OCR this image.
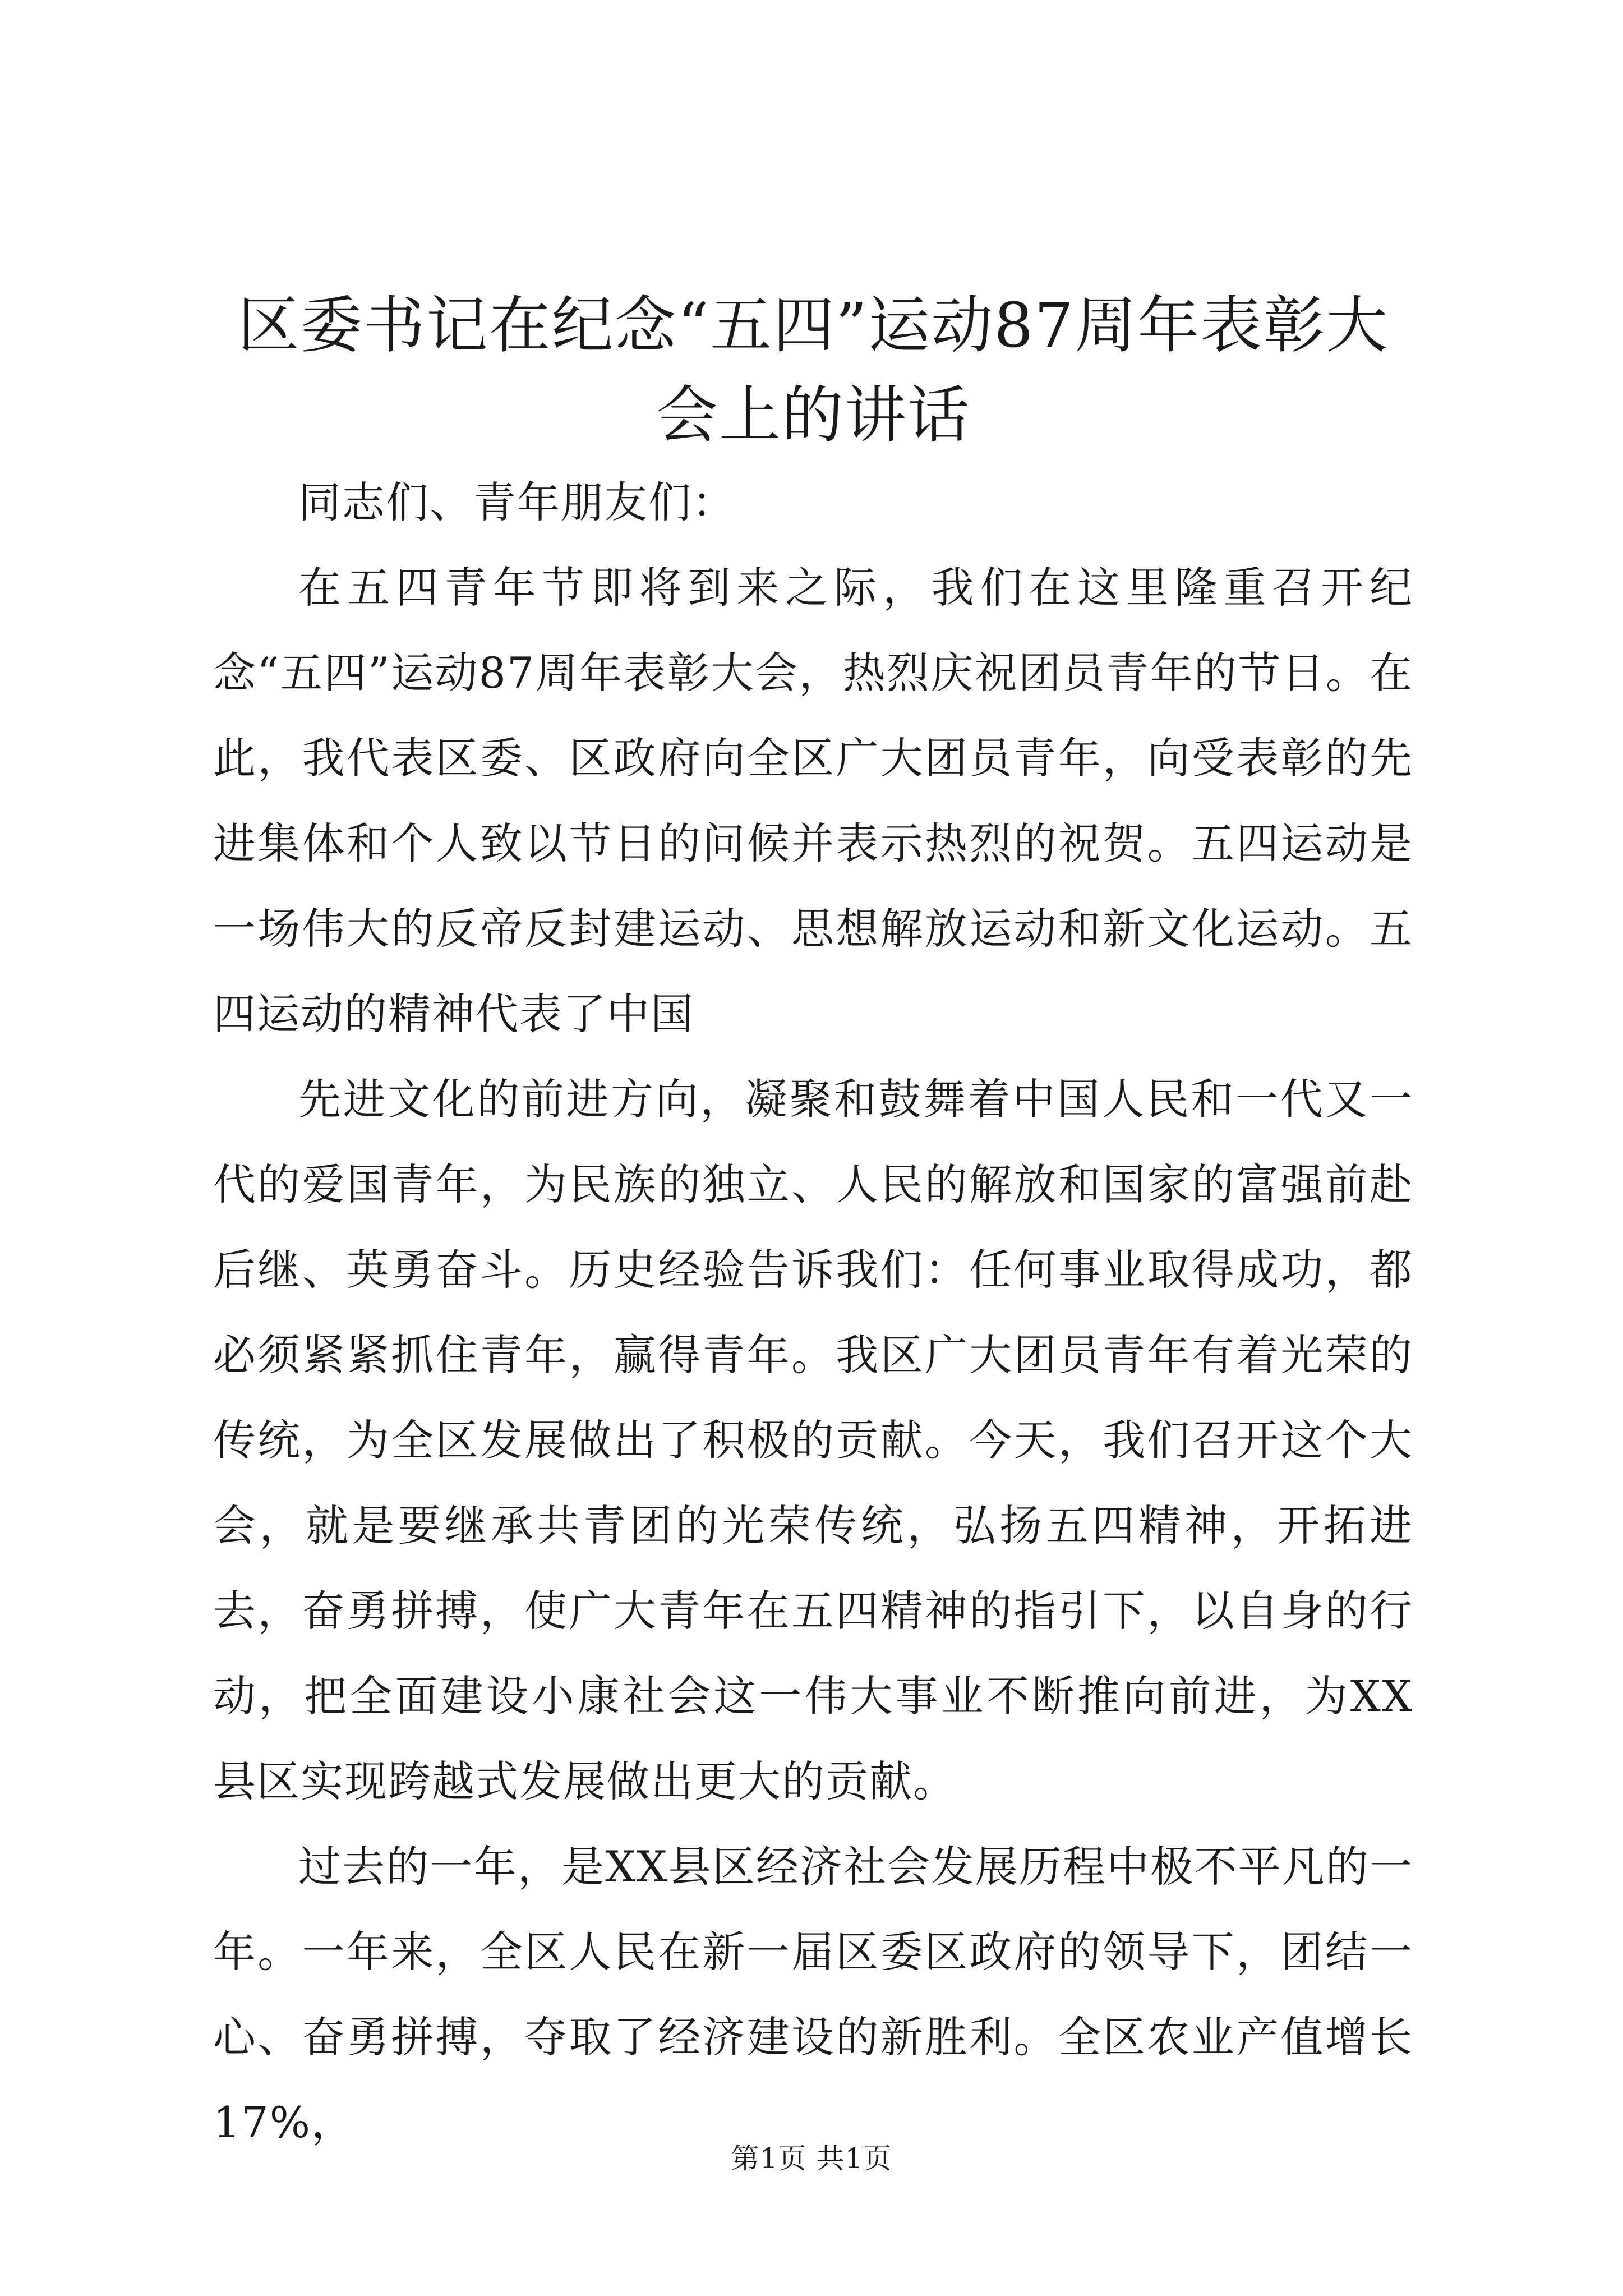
区委书记在纪念“五四”运动87周年表彰大
会上的讲话

同志们、青年朋友们：

在五四青年节即将到来之际，我们在这里隆重召开纪念“五四”运动87周年表彰大会，热烈庆祝团员青年的节日。在此，我代表区委、区政府向全区广大团员青年，向受表彰的先进集体和个人致以节日的问候并表示热烈的祝贺。五四运动是一场伟大的反帝反封建运动、思想解放运动和新文化运动。五四运动的精神代表了中国

先进文化的前进方向，凝聚和鼓舞着中国人民和一代又一代的爱国青年，为民族的独立、人民的解放和国家的富强前赴后继、英勇奋斗。历史经验告诉我们：任何事业取得成功，都必须紧紧抓住青年，赢得青年。我区广大团员青年有着光荣的传统，为全区发展做出了积极的贡献。今天，我们召开这个大会，就是要继承共青团的光荣传统，弘扬五四精神，开拓进去，奋勇拼搏，使广大青年在五四精神的指引下，以自身的行动，把全面建设小康社会这一伟大事业不断推向前进，为XX县区实现跨越式发展做出更大的贡献。

过去的一年，是XX县区经济社会发展历程中极不平凡的一年。一年来，全区人民在新一届区委区政府的领导下，团结一心、奋勇拼搏，夺取了经济建设的新胜利。全区农业产值增长17%，

第1页 共1页
